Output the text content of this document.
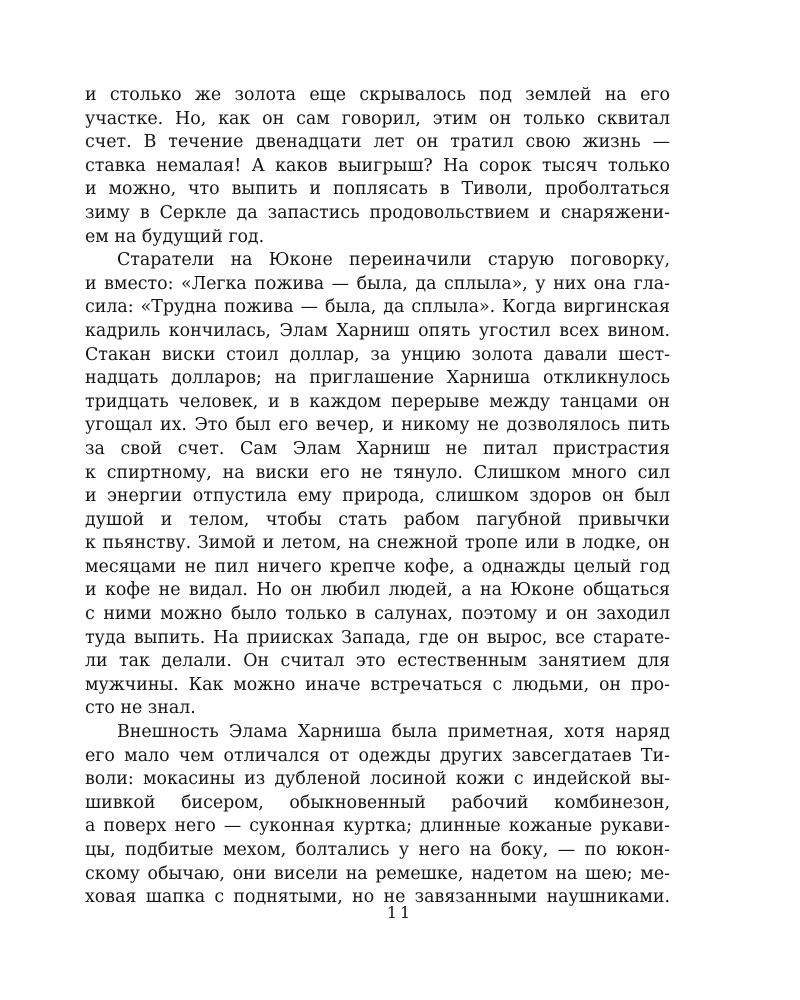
и столько же золота еще скрывалось под землей на его
участке. Но, как он сам говорил, этим он только сквитал
счет. В течение двенадцати лет он тратил свою жизнь —
ставка немалая! А каков выигрыш? На сорок тысяч только
и можно, что выпить и поплясать в Тиволи, проболтаться
зиму в Серкле да запастись продовольствием и снаряжени-
ем на будущий год.
Старатели на Юконе переиначили старую поговорку,
и вместо: «Легка пожива — была, да сплыла», у них она гла-
сила: «Трудна пожива — была, да сплыла». Когда виргинская
кадриль кончилась, Элам Харниш опять угостил всех вином.
Стакан виски стоил доллар, за унцию золота давали шест-
надцать долларов; на приглашение Харниша откликнулось
тридцать человек, и в каждом перерыве между танцами он
угощал их. Это был его вечер, и никому не дозволялось пить
за свой счет. Сам Элам Харниш не питал пристрастия
к спиртному, на виски его не тянуло. Слишком много сил
и энергии отпустила ему природа, слишком здоров он был
душой и телом, чтобы стать рабом пагубной привычки
к пьянству. Зимой и летом, на снежной тропе или в лодке, он
месяцами не пил ничего крепче кофе, а однажды целый год
и кофе не видал. Но он любил людей, а на Юконе общаться
с ними можно было только в салунах, поэтому и он заходил
туда выпить. На приисках Запада, где он вырос, все старате-
ли так делали. Он считал это естественным занятием для
мужчины. Как можно иначе встречаться с людьми, он про-
сто не знал.
Внешность Элама Харниша была приметная, хотя наряд
его мало чем отличался от одежды других завсегдатаев Ти-
воли: мокасины из дубленой лосиной кожи с индейской вы-
шивкой бисером, обыкновенный рабочий комбинезон,
а поверх него — суконная куртка; длинные кожаные рукави-
цы, подбитые мехом, болтались у него на боку, — по юкон-
скому обычаю, они висели на ремешке, надетом на шею; ме-
ховая шапка с поднятыми, но не завязанными наушниками.
11
